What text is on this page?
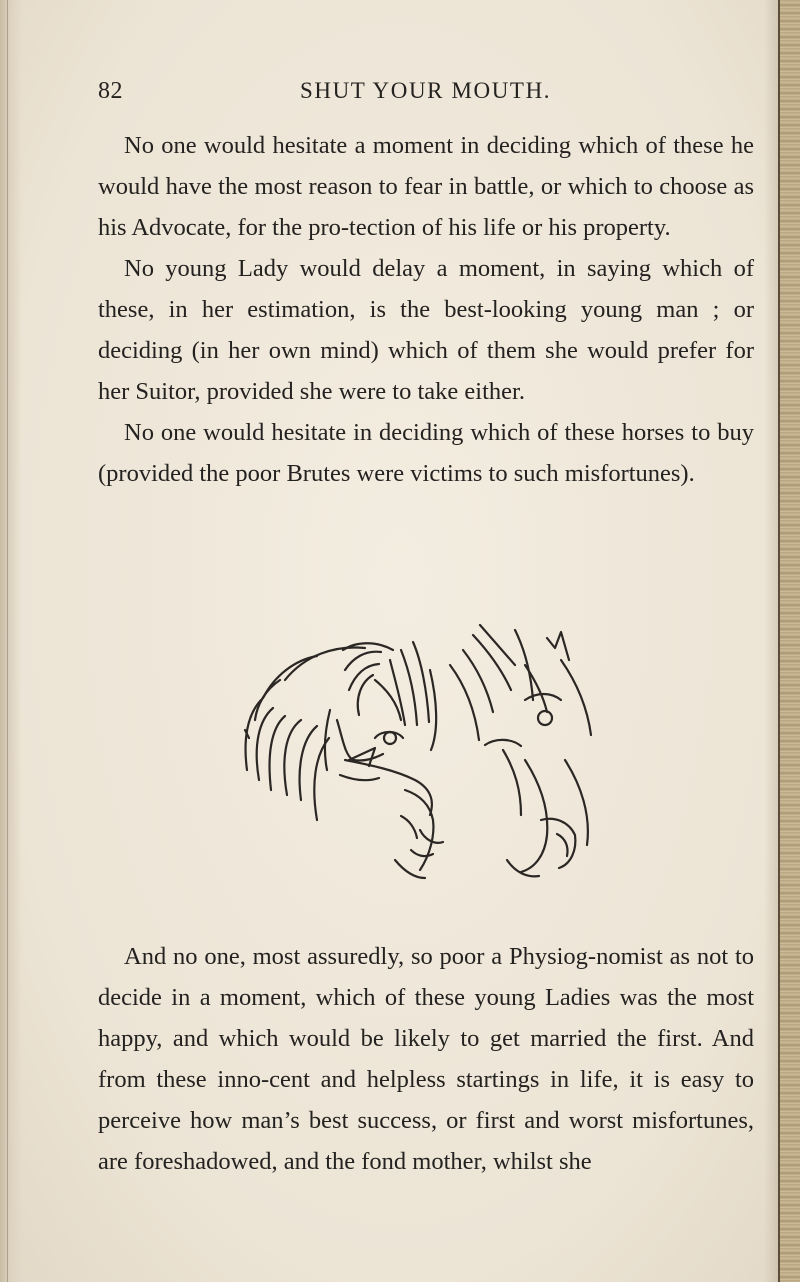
82	SHUT YOUR MOUTH.

No one would hesitate a moment in deciding which of these he would have the most reason to fear in battle, or which to choose as his Advocate, for the pro-tection of his life or his property.

No young Lady would delay a moment, in saying which of these, in her estimation, is the best-looking young man ; or deciding (in her own mind) which of them she would prefer for her Suitor, provided she were to take either.

No one would hesitate in deciding which of these horses to buy (provided the poor Brutes were victims to such misfortunes).

And no one, most assuredly, so poor a Physiog-nomist as not to decide in a moment, which of these young Ladies was the most happy, and which would be likely to get married the first. And from these inno-cent and helpless startings in life, it is easy to perceive how man’s best success, or first and worst misfortunes, are foreshadowed, and the fond mother, whilst she
